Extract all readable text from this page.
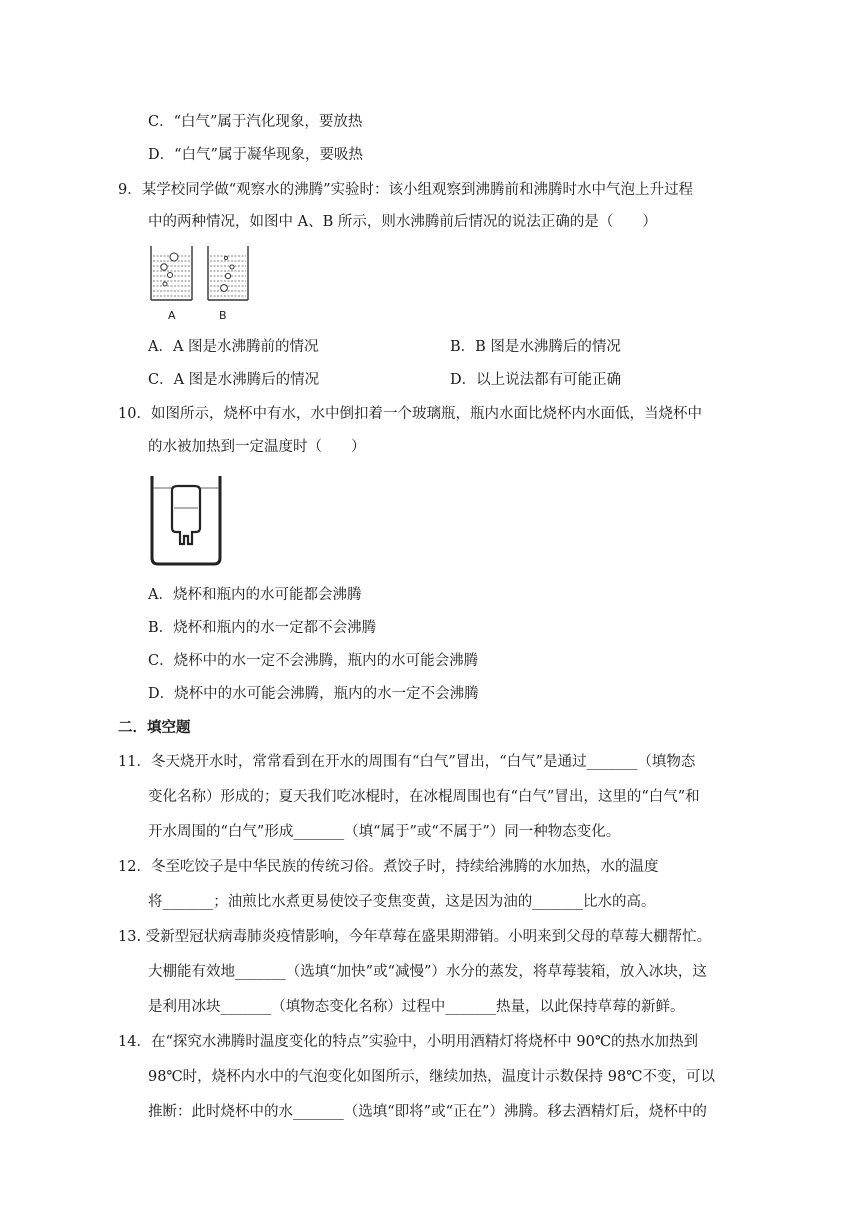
C．“白气”属于汽化现象，要放热
D．“白气”属于凝华现象，要吸热
9．某学校同学做“观察水的沸腾”实验时：该小组观察到沸腾前和沸腾时水中气泡上升过程
中的两种情况，如图中 A、B 所示，则水沸腾前后情况的说法正确的是（　　）
A	B
A．A 图是水沸腾前的情况	B．B 图是水沸腾后的情况
C．A 图是水沸腾后的情况	D．以上说法都有可能正确
10．如图所示，烧杯中有水，水中倒扣着一个玻璃瓶，瓶内水面比烧杯内水面低，当烧杯中
的水被加热到一定温度时（　　）
A．烧杯和瓶内的水可能都会沸腾
B．烧杯和瓶内的水一定都不会沸腾
C．烧杯中的水一定不会沸腾，瓶内的水可能会沸腾
D．烧杯中的水可能会沸腾，瓶内的水一定不会沸腾
二．填空题
11．冬天烧开水时，常常看到在开水的周围有“白气”冒出，“白气”是通过_______（填物态
变化名称）形成的；夏天我们吃冰棍时，在冰棍周围也有“白气”冒出，这里的“白气”和
开水周围的“白气”形成_______（填“属于”或“不属于”）同一种物态变化。
12．冬至吃饺子是中华民族的传统习俗。煮饺子时，持续给沸腾的水加热，水的温度
将_______；油煎比水煮更易使饺子变焦变黄，这是因为油的_______比水的高。
13. 受新型冠状病毒肺炎疫情影响，今年草莓在盛果期滞销。小明来到父母的草莓大棚帮忙。
大棚能有效地_______（选填“加快”或“减慢”）水分的蒸发，将草莓装箱，放入冰块，这
是利用冰块_______（填物态变化名称）过程中_______热量，以此保持草莓的新鲜。
14．在“探究水沸腾时温度变化的特点”实验中，小明用酒精灯将烧杯中 90℃的热水加热到
98℃时，烧杯内水中的气泡变化如图所示，继续加热，温度计示数保持 98℃不变，可以
推断：此时烧杯中的水_______（选填“即将”或“正在”）沸腾。移去酒精灯后，烧杯中的
